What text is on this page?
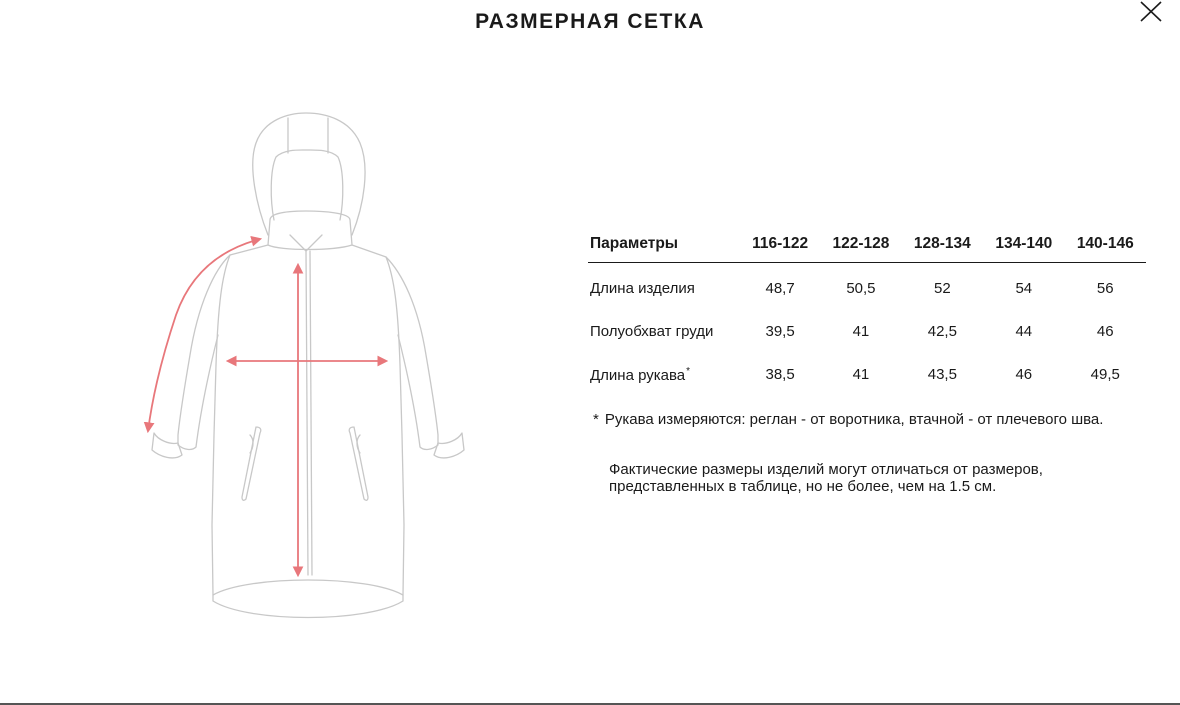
РАЗМЕРНАЯ СЕТКА
Параметры	116-122	122-128	128-134	134-140	140-146
Длина изделия	48,7	50,5	52	54	56
Полуобхват груди	39,5	41	42,5	44	46
Длина рукава*	38,5	41	43,5	46	49,5
* Рукава измеряются: реглан - от воротника, втачной - от плечевого шва.
Фактические размеры изделий могут отличаться от размеров,
представленных в таблице, но не более, чем на 1.5 см.
